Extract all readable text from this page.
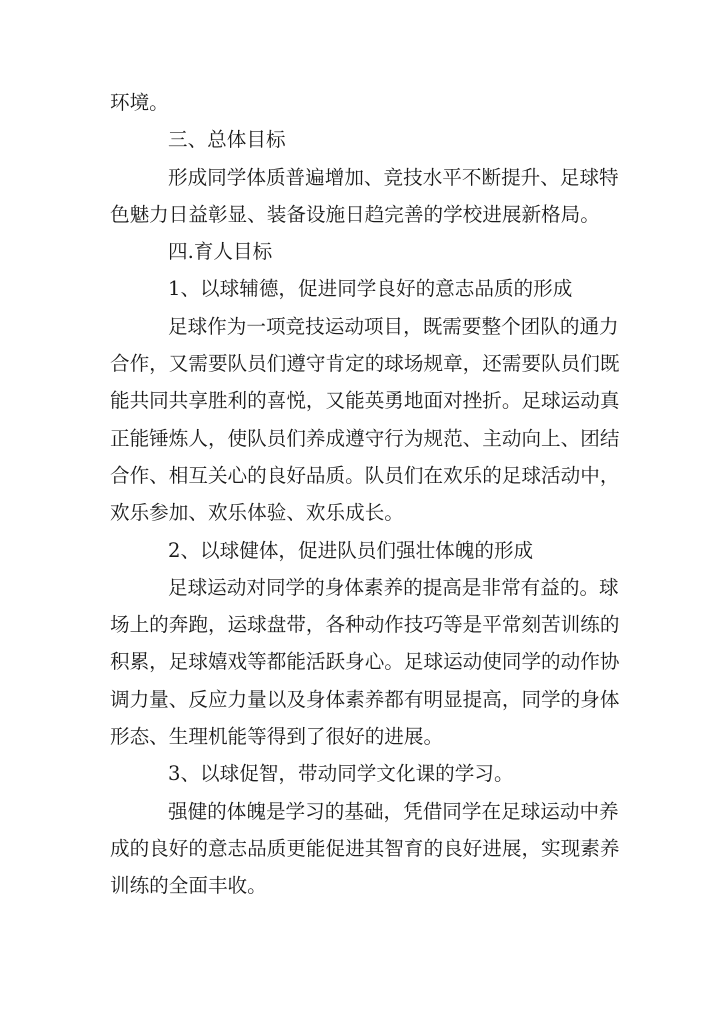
环境。
三、总体目标
形成同学体质普遍增加、竞技水平不断提升、足球特
色魅力日益彰显、装备设施日趋完善的学校进展新格局。
四.育人目标
1、以球辅德，促进同学良好的意志品质的形成
足球作为一项竞技运动项目，既需要整个团队的通力
合作，又需要队员们遵守肯定的球场规章，还需要队员们既
能共同共享胜利的喜悦，又能英勇地面对挫折。足球运动真
正能锤炼人，使队员们养成遵守行为规范、主动向上、团结
合作、相互关心的良好品质。队员们在欢乐的足球活动中，
欢乐参加、欢乐体验、欢乐成长。
2、以球健体，促进队员们强壮体魄的形成
足球运动对同学的身体素养的提高是非常有益的。球
场上的奔跑，运球盘带，各种动作技巧等是平常刻苦训练的
积累，足球嬉戏等都能活跃身心。足球运动使同学的动作协
调力量、反应力量以及身体素养都有明显提高，同学的身体
形态、生理机能等得到了很好的进展。
3、以球促智，带动同学文化课的学习。
强健的体魄是学习的基础，凭借同学在足球运动中养
成的良好的意志品质更能促进其智育的良好进展，实现素养
训练的全面丰收。
